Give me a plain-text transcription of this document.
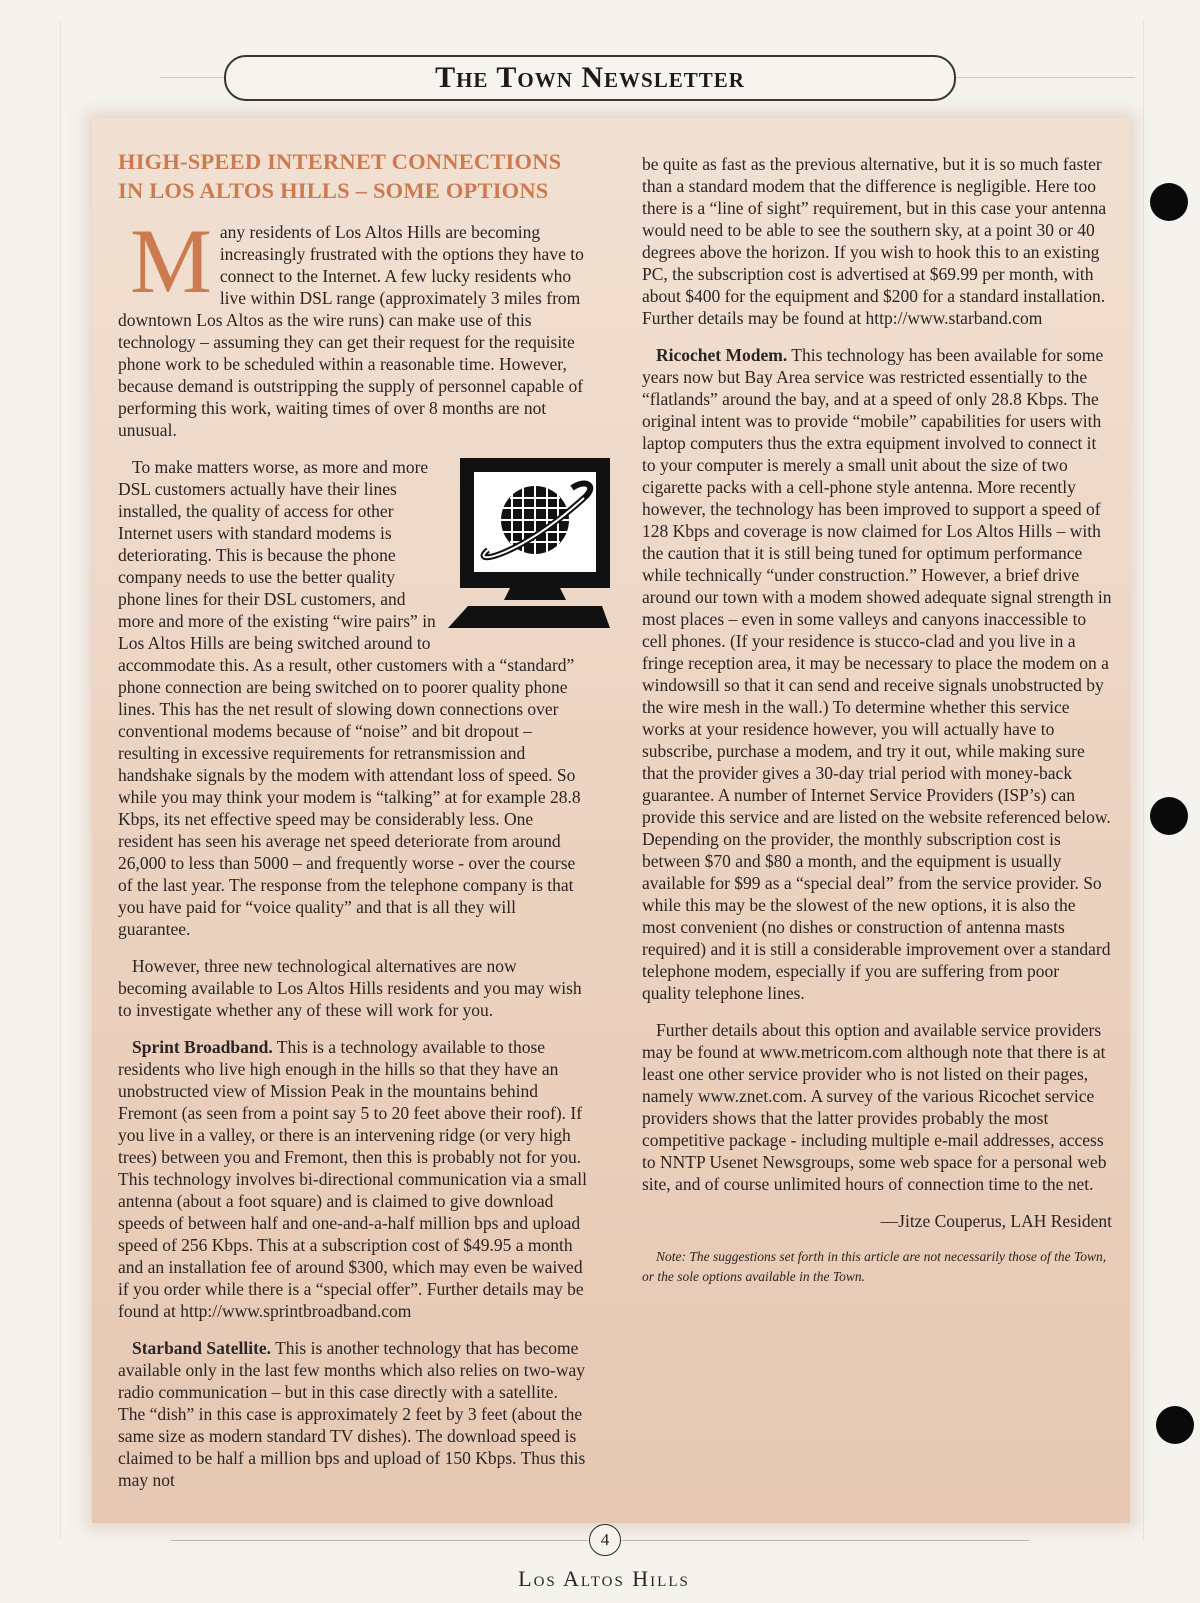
The Town Newsletter
HIGH-SPEED INTERNET CONNECTIONS IN LOS ALTOS HILLS – SOME OPTIONS

Many residents of Los Altos Hills are becoming increasingly frustrated with the options they have to connect to the Internet. A few lucky residents who live within DSL range (approximately 3 miles from downtown Los Altos as the wire runs) can make use of this technology – assuming they can get their request for the requisite phone work to be scheduled within a reasonable time. However, because demand is outstripping the supply of personnel capable of performing this work, waiting times of over 8 months are not unusual.

To make matters worse, as more and more DSL customers actually have their lines installed, the quality of access for other Internet users with standard modems is deteriorating. This is because the phone company needs to use the better quality phone lines for their DSL customers, and more and more of the existing “wire pairs” in Los Altos Hills are being switched around to accommodate this. As a result, other customers with a “standard” phone connection are being switched on to poorer quality phone lines. This has the net result of slowing down connections over conventional modems because of “noise” and bit dropout – resulting in excessive requirements for retransmission and handshake signals by the modem with attendant loss of speed. So while you may think your modem is “talking” at for example 28.8 Kbps, its net effective speed may be considerably less. One resident has seen his average net speed deteriorate from around 26,000 to less than 5000 – and frequently worse - over the course of the last year. The response from the telephone company is that you have paid for “voice quality” and that is all they will guarantee.

However, three new technological alternatives are now becoming available to Los Altos Hills residents and you may wish to investigate whether any of these will work for you.

Sprint Broadband. This is a technology available to those residents who live high enough in the hills so that they have an unobstructed view of Mission Peak in the mountains behind Fremont (as seen from a point say 5 to 20 feet above their roof). If you live in a valley, or there is an intervening ridge (or very high trees) between you and Fremont, then this is probably not for you. This technology involves bi-directional communication via a small antenna (about a foot square) and is claimed to give download speeds of between half and one-and-a-half million bps and upload speed of 256 Kbps. This at a subscription cost of $49.95 a month and an installation fee of around $300, which may even be waived if you order while there is a “special offer”. Further details may be found at http://www.sprintbroadband.com

Starband Satellite. This is another technology that has become available only in the last few months which also relies on two-way radio communication – but in this case directly with a satellite. The “dish” in this case is approximately 2 feet by 3 feet (about the same size as modern standard TV dishes). The download speed is claimed to be half a million bps and upload of 150 Kbps. Thus this may not

be quite as fast as the previous alternative, but it is so much faster than a standard modem that the difference is negligible. Here too there is a “line of sight” requirement, but in this case your antenna would need to be able to see the southern sky, at a point 30 or 40 degrees above the horizon. If you wish to hook this to an existing PC, the subscription cost is advertised at $69.99 per month, with about $400 for the equipment and $200 for a standard installation. Further details may be found at http://www.starband.com

Ricochet Modem. This technology has been available for some years now but Bay Area service was restricted essentially to the “flatlands” around the bay, and at a speed of only 28.8 Kbps. The original intent was to provide “mobile” capabilities for users with laptop computers thus the extra equipment involved to connect it to your computer is merely a small unit about the size of two cigarette packs with a cell-phone style antenna. More recently however, the technology has been improved to support a speed of 128 Kbps and coverage is now claimed for Los Altos Hills – with the caution that it is still being tuned for optimum performance while technically “under construction.” However, a brief drive around our town with a modem showed adequate signal strength in most places – even in some valleys and canyons inaccessible to cell phones. (If your residence is stucco-clad and you live in a fringe reception area, it may be necessary to place the modem on a windowsill so that it can send and receive signals unobstructed by the wire mesh in the wall.) To determine whether this service works at your residence however, you will actually have to subscribe, purchase a modem, and try it out, while making sure that the provider gives a 30-day trial period with money-back guarantee. A number of Internet Service Providers (ISP’s) can provide this service and are listed on the website referenced below. Depending on the provider, the monthly subscription cost is between $70 and $80 a month, and the equipment is usually available for $99 as a “special deal” from the service provider. So while this may be the slowest of the new options, it is also the most convenient (no dishes or construction of antenna masts required) and it is still a considerable improvement over a standard telephone modem, especially if you are suffering from poor quality telephone lines.

Further details about this option and available service providers may be found at www.metricom.com although note that there is at least one other service provider who is not listed on their pages, namely www.znet.com. A survey of the various Ricochet service providers shows that the latter provides probably the most competitive package - including multiple e-mail addresses, access to NNTP Usenet Newsgroups, some web space for a personal web site, and of course unlimited hours of connection time to the net.

—Jitze Couperus, LAH Resident

Note: The suggestions set forth in this article are not necessarily those of the Town, or the sole options available in the Town.

4
Los Altos Hills
